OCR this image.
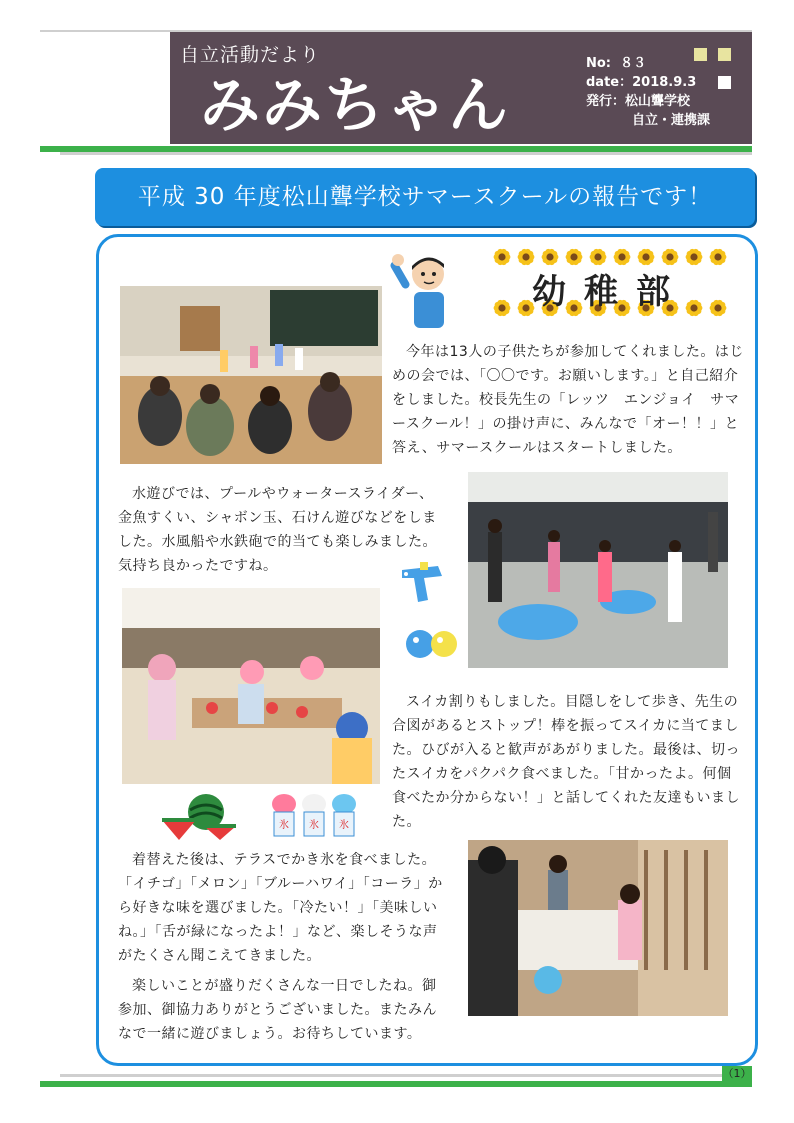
自立活動だより
みみちゃん
No: ８３
date：2018.9.3
発行：松山聾学校
自立・連携課
平成 30 年度松山聾学校サマースクールの報告です！
幼稚部
今年は13人の子供たちが参加してくれました。はじめの会では、「〇〇です。お願いします。」と自己紹介をしました。校長先生の「レッツ　エンジョイ　サマースクール！」の掛け声に、みんなで「オー！！」と答え、サマースクールはスタートしました。
水遊びでは、プールやウォータースライダー、金魚すくい、シャボン玉、石けん遊びなどをしました。水風船や水鉄砲で的当ても楽しみました。気持ち良かったですね。
氷 氷 氷
スイカ割りもしました。目隠しをして歩き、先生の合図があるとストップ！棒を振ってスイカに当てました。ひびが入ると歓声があがりました。最後は、切ったスイカをパクパク食べました。「甘かったよ。何個食べたか分からない！」と話してくれた友達もいました。
着替えた後は、テラスでかき氷を食べました。「イチゴ」「メロン」「ブルーハワイ」「コーラ」から好きな味を選びました。「冷たい！」「美味しいね。」「舌が緑になったよ！」など、楽しそうな声がたくさん聞こえてきました。
楽しいことが盛りだくさんな一日でしたね。御参加、御協力ありがとうございました。またみんなで一緒に遊びましょう。お待ちしています。
（1）
